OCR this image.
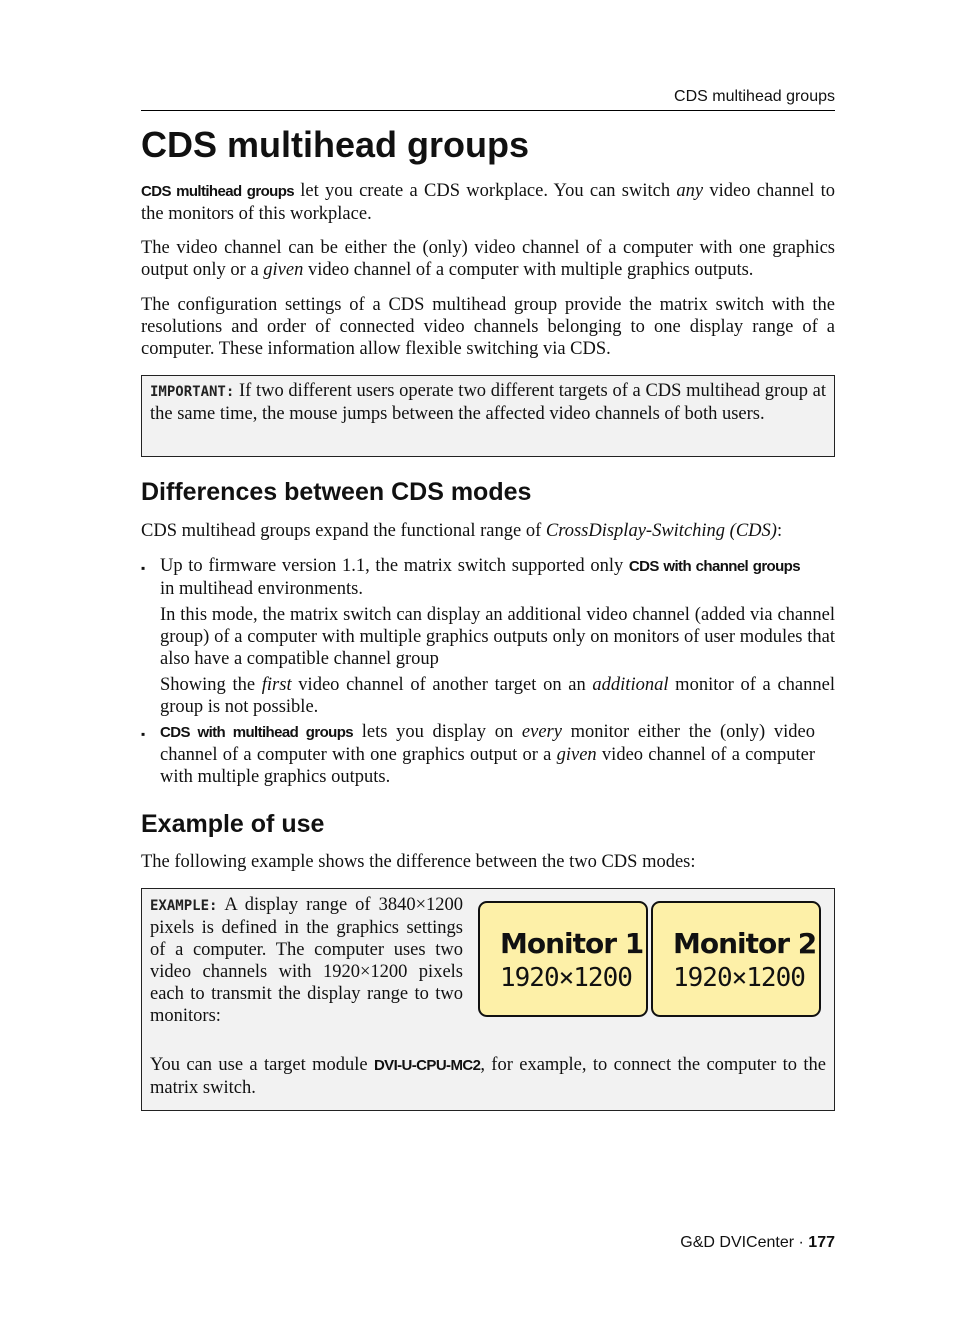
CDS multihead groups
CDS multihead groups

CDS multihead groups let you create a CDS workplace. You can switch any video channel to the monitors of this workplace.

The video channel can be either the (only) video channel of a computer with one graphics output only or a given video channel of a computer with multiple graphics outputs.

The configuration settings of a CDS multihead group provide the matrix switch with the resolutions and order of connected video channels belonging to one display range of a computer. These information allow flexible switching via CDS.

IMPORTANT: If two different users operate two different targets of a CDS multihead group at the same time, the mouse jumps between the affected video channels of both users.

Differences between CDS modes

CDS multihead groups expand the functional range of CrossDisplay-Switching (CDS):

▪ Up to firmware version 1.1, the matrix switch supported only CDS with channel groups in multihead environments.
In this mode, the matrix switch can display an additional video channel (added via channel group) of a computer with multiple graphics outputs only on monitors of user modules that also have a compatible channel group
Showing the first video channel of another target on an additional monitor of a channel group is not possible.
▪ CDS with multihead groups lets you display on every monitor either the (only) video channel of a computer with one graphics output or a given video channel of a computer with multiple graphics outputs.
Example of use

The following example shows the difference between the two CDS modes:

EXAMPLE: A display range of 3840×1200 pixels is defined in the graphics settings of a computer. The computer uses two video channels with 1920×1200 pixels each to transmit the display range to two monitors:

Monitor 1
1920×1200
Monitor 2
1920×1200

You can use a target module DVI-U-CPU-MC2, for example, to connect the computer to the matrix switch.

G&D DVICenter · 177
